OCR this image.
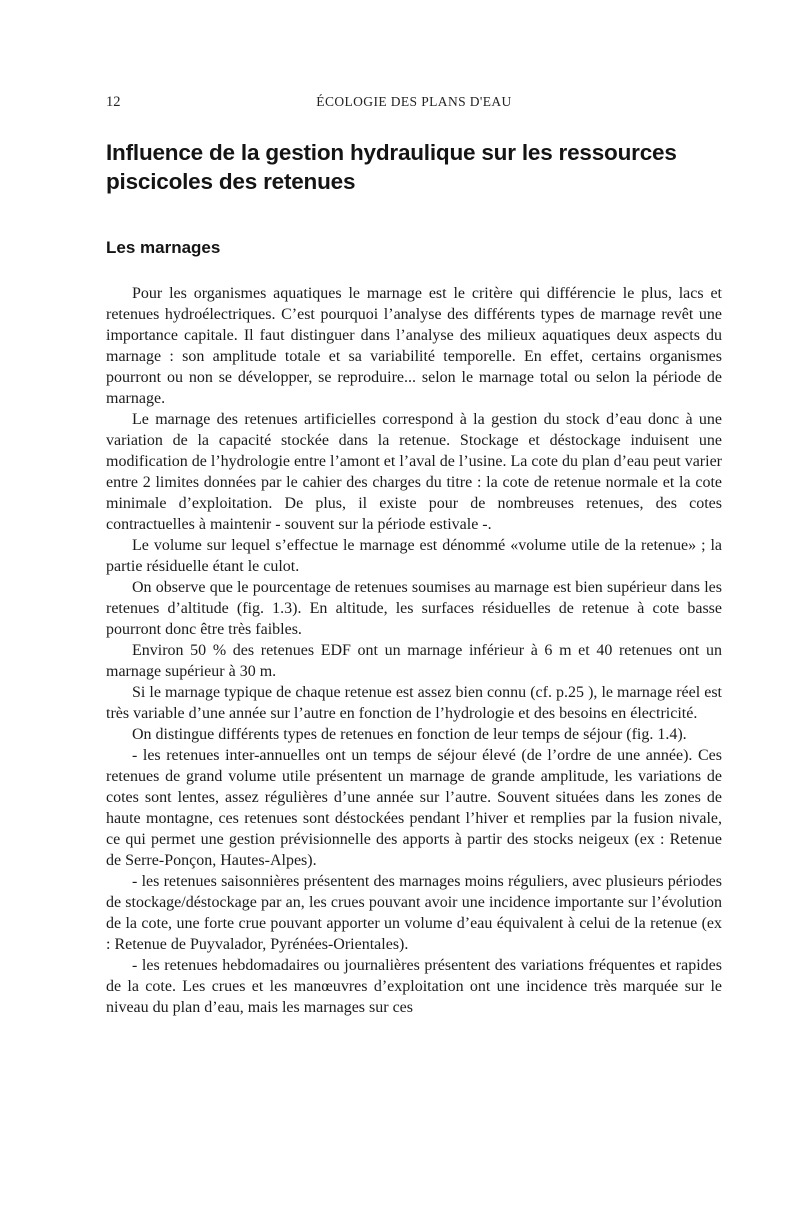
12	ÉCOLOGIE DES PLANS D'EAU
Influence de la gestion hydraulique sur les ressources piscicoles des retenues
Les marnages

Pour les organismes aquatiques le marnage est le critère qui différencie le plus, lacs et retenues hydroélectriques. C’est pourquoi l’analyse des différents types de marnage revêt une importance capitale. Il faut distinguer dans l’analyse des milieux aquatiques deux aspects du marnage : son amplitude totale et sa variabilité temporelle. En effet, certains organismes pourront ou non se développer, se reproduire... selon le marnage total ou selon la période de marnage.

Le marnage des retenues artificielles correspond à la gestion du stock d’eau donc à une variation de la capacité stockée dans la retenue. Stockage et déstockage induisent une modification de l’hydrologie entre l’amont et l’aval de l’usine. La cote du plan d’eau peut varier entre 2 limites données par le cahier des charges du titre : la cote de retenue normale et la cote minimale d’exploitation. De plus, il existe pour de nombreuses retenues, des cotes contractuelles à maintenir - souvent sur la période estivale -.

Le volume sur lequel s’effectue le marnage est dénommé «volume utile de la retenue» ; la partie résiduelle étant le culot.

On observe que le pourcentage de retenues soumises au marnage est bien supérieur dans les retenues d’altitude (fig. 1.3). En altitude, les surfaces résiduelles de retenue à cote basse pourront donc être très faibles.

Environ 50 % des retenues EDF ont un marnage inférieur à 6 m et 40 retenues ont un marnage supérieur à 30 m.

Si le marnage typique de chaque retenue est assez bien connu (cf. p.25 ), le marnage réel est très variable d’une année sur l’autre en fonction de l’hydrologie et des besoins en électricité.

On distingue différents types de retenues en fonction de leur temps de séjour (fig. 1.4).

- les retenues inter-annuelles ont un temps de séjour élevé (de l’ordre de une année). Ces retenues de grand volume utile présentent un marnage de grande amplitude, les variations de cotes sont lentes, assez régulières d’une année sur l’autre. Souvent situées dans les zones de haute montagne, ces retenues sont déstockées pendant l’hiver et remplies par la fusion nivale, ce qui permet une gestion prévisionnelle des apports à partir des stocks neigeux (ex : Retenue de Serre-Ponçon, Hautes-Alpes).

- les retenues saisonnières présentent des marnages moins réguliers, avec plusieurs périodes de stockage/déstockage par an, les crues pouvant avoir une incidence importante sur l’évolution de la cote, une forte crue pouvant apporter un volume d’eau équivalent à celui de la retenue (ex : Retenue de Puyvalador, Pyrénées-Orientales).

- les retenues hebdomadaires ou journalières présentent des variations fréquentes et rapides de la cote. Les crues et les manœuvres d’exploitation ont une incidence très marquée sur le niveau du plan d’eau, mais les marnages sur ces
